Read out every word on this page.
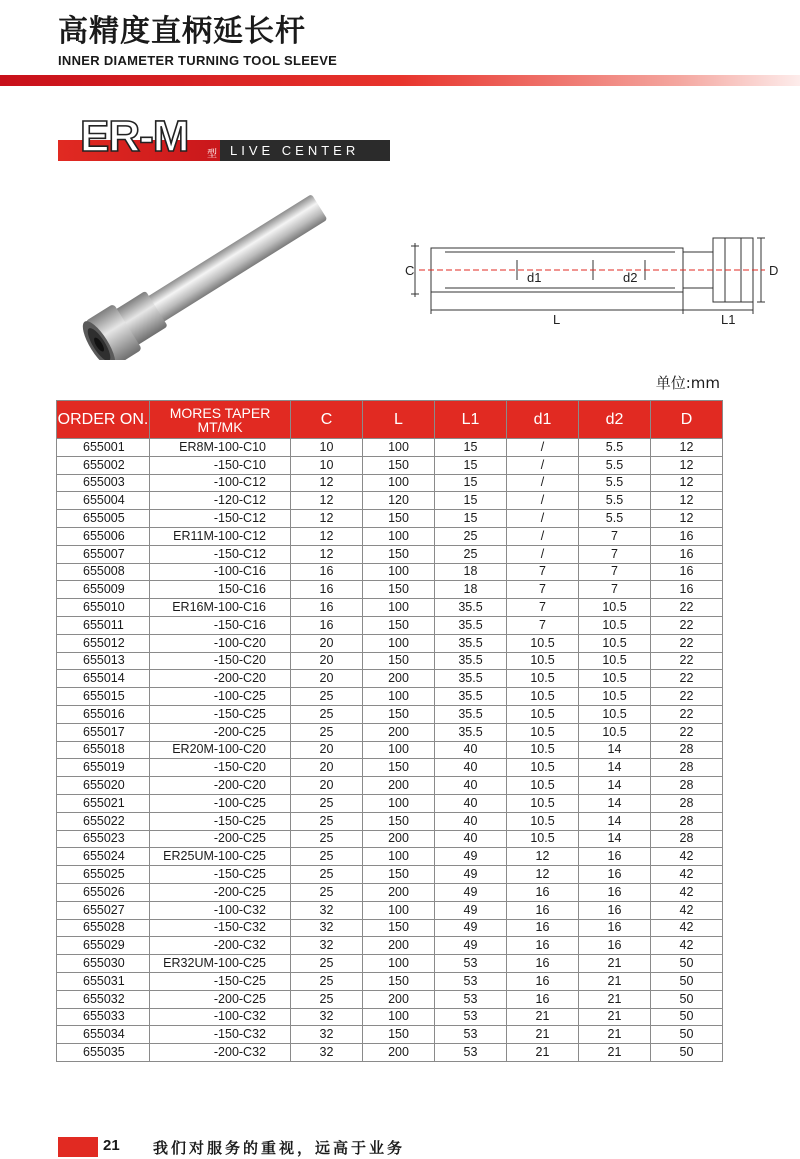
高精度直柄延长杆
INNER DIAMETER TURNING TOOL SLEEVE
ER-M 型 LIVE CENTER
C	d1	d2	D
L	L1
单位:mm
ORDER ON.	MORES TAPER MT/MK	C	L	L1	d1	d2	D
655001	ER8M-100-C10	10	100	15	/	5.5	12
655002	-150-C10	10	150	15	/	5.5	12
655003	-100-C12	12	100	15	/	5.5	12
655004	-120-C12	12	120	15	/	5.5	12
655005	-150-C12	12	150	15	/	5.5	12
655006	ER11M-100-C12	12	100	25	/	7	16
655007	-150-C12	12	150	25	/	7	16
655008	-100-C16	16	100	18	7	7	16
655009	150-C16	16	150	18	7	7	16
655010	ER16M-100-C16	16	100	35.5	7	10.5	22
655011	-150-C16	16	150	35.5	7	10.5	22
655012	-100-C20	20	100	35.5	10.5	10.5	22
655013	-150-C20	20	150	35.5	10.5	10.5	22
655014	-200-C20	20	200	35.5	10.5	10.5	22
655015	-100-C25	25	100	35.5	10.5	10.5	22
655016	-150-C25	25	150	35.5	10.5	10.5	22
655017	-200-C25	25	200	35.5	10.5	10.5	22
655018	ER20M-100-C20	20	100	40	10.5	14	28
655019	-150-C20	20	150	40	10.5	14	28
655020	-200-C20	20	200	40	10.5	14	28
655021	-100-C25	25	100	40	10.5	14	28
655022	-150-C25	25	150	40	10.5	14	28
655023	-200-C25	25	200	40	10.5	14	28
655024	ER25UM-100-C25	25	100	49	12	16	42
655025	-150-C25	25	150	49	12	16	42
655026	-200-C25	25	200	49	16	16	42
655027	-100-C32	32	100	49	16	16	42
655028	-150-C32	32	150	49	16	16	42
655029	-200-C32	32	200	49	16	16	42
655030	ER32UM-100-C25	25	100	53	16	21	50
655031	-150-C25	25	150	53	16	21	50
655032	-200-C25	25	200	53	16	21	50
655033	-100-C32	32	100	53	21	21	50
655034	-150-C32	32	150	53	21	21	50
655035	-200-C32	32	200	53	21	21	50
21 我们对服务的重视，远高于业务
